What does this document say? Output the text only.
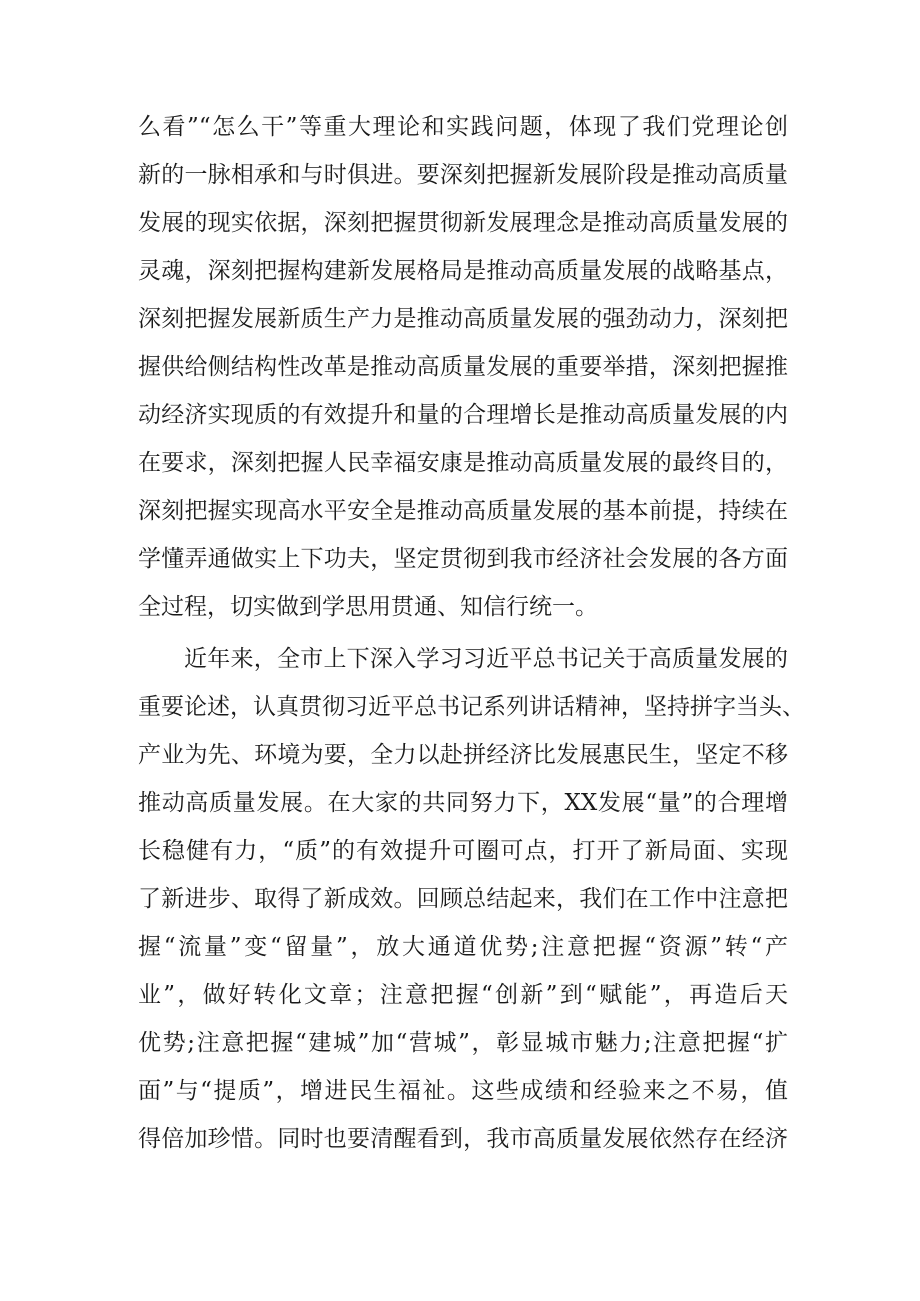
么看”“怎么干”等重大理论和实践问题，体现了我们党理论创
新的一脉相承和与时俱进。要深刻把握新发展阶段是推动高质量
发展的现实依据，深刻把握贯彻新发展理念是推动高质量发展的
灵魂，深刻把握构建新发展格局是推动高质量发展的战略基点，
深刻把握发展新质生产力是推动高质量发展的强劲动力，深刻把
握供给侧结构性改革是推动高质量发展的重要举措，深刻把握推
动经济实现质的有效提升和量的合理增长是推动高质量发展的内
在要求，深刻把握人民幸福安康是推动高质量发展的最终目的，
深刻把握实现高水平安全是推动高质量发展的基本前提，持续在
学懂弄通做实上下功夫，坚定贯彻到我市经济社会发展的各方面
全过程，切实做到学思用贯通、知信行统一。
近年来，全市上下深入学习习近平总书记关于高质量发展的
重要论述，认真贯彻习近平总书记系列讲话精神，坚持拼字当头、
产业为先、环境为要，全力以赴拼经济比发展惠民生，坚定不移
推动高质量发展。在大家的共同努力下，XX发展“量”的合理增
长稳健有力，“质”的有效提升可圈可点，打开了新局面、实现
了新进步、取得了新成效。回顾总结起来，我们在工作中注意把
握“流量”变“留量”，放大通道优势;注意把握“资源”转“产
业”，做好转化文章；注意把握“创新”到“赋能”，再造后天
优势;注意把握“建城”加“营城”，彰显城市魅力;注意把握“扩
面”与“提质”，增进民生福祉。这些成绩和经验来之不易，值
得倍加珍惜。同时也要清醒看到，我市高质量发展依然存在经济
